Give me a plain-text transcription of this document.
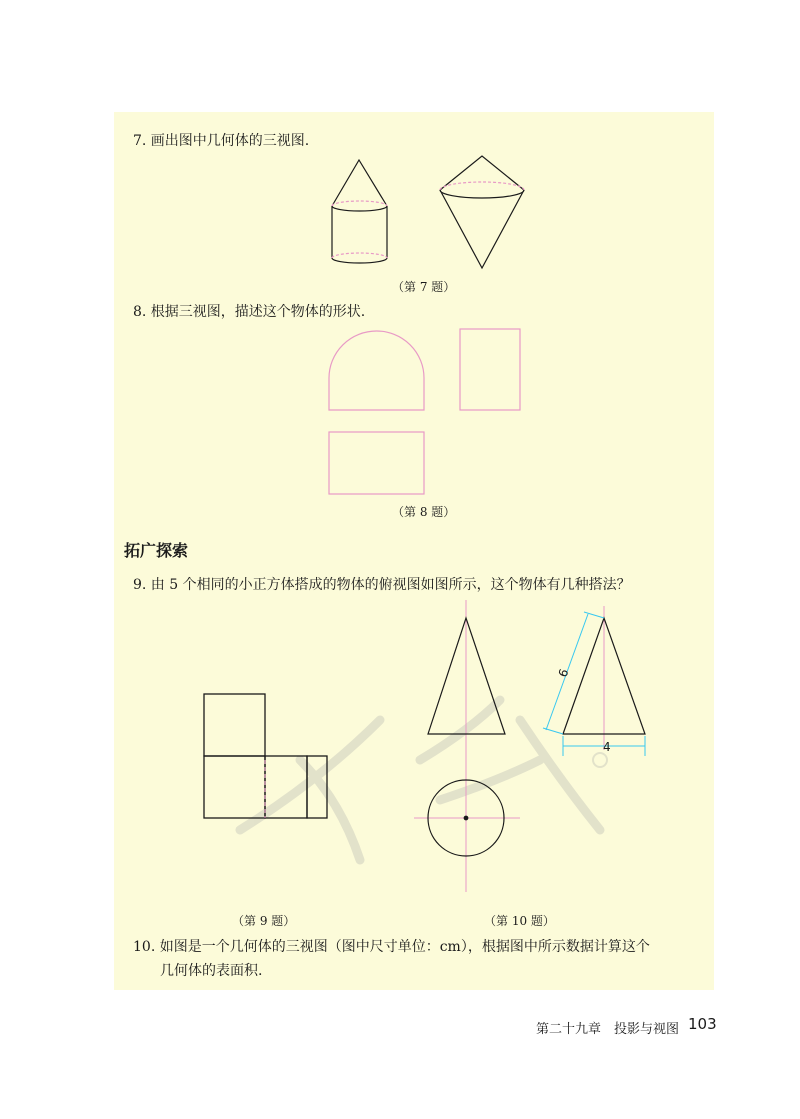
7. 画出图中几何体的三视图.
（第 7 题）
8. 根据三视图，描述这个物体的形状.
（第 8 题）
拓广探索
9. 由 5 个相同的小正方体搭成的物体的俯视图如图所示，这个物体有几种搭法？
（第 9 题）	（第 10 题）
10. 如图是一个几何体的三视图（图中尺寸单位：cm），根据图中所示数据计算这个
几何体的表面积.
4
6
第二十九章　投影与视图 103
